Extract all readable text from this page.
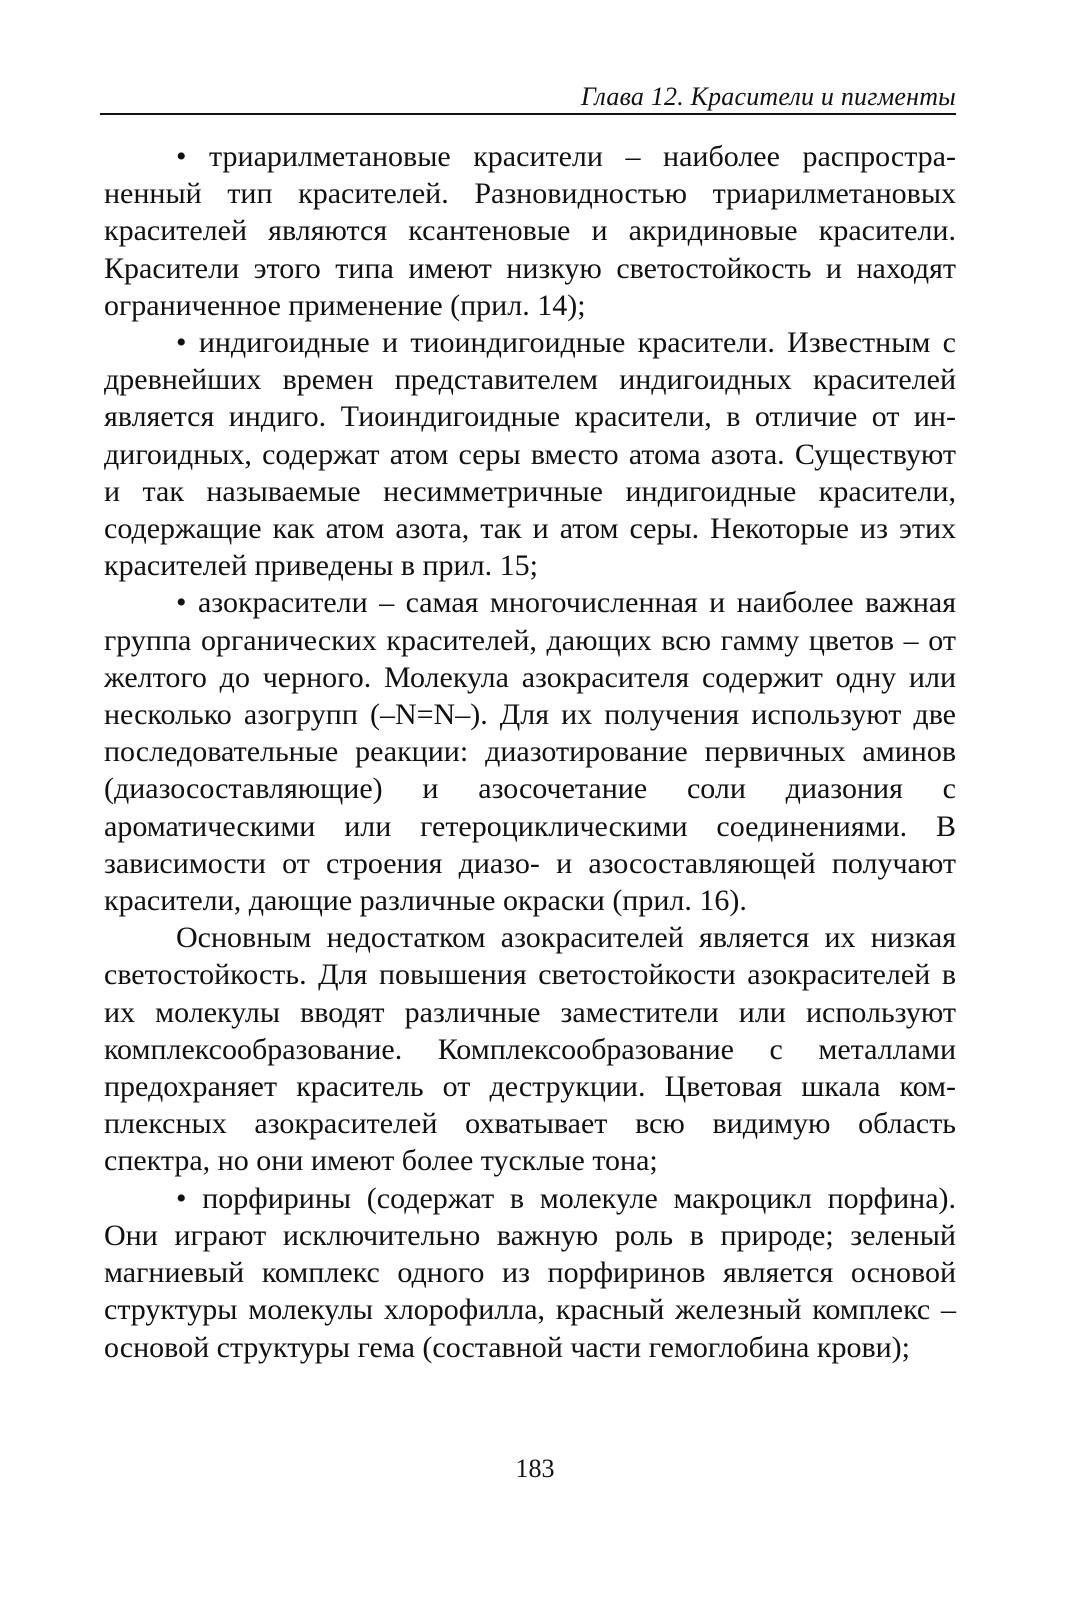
Глава 12. Красители и пигменты

• триарилметановые красители – наиболее распространенный тип красителей. Разновидностью триарилметановых красителей являются ксантеновые и акридиновые красители. Красители этого типа имеют низкую светостойкость и находят ограниченное применение (прил. 14);

• индигоидные и тиоиндигоидные красители. Известным с древнейших времен представителем индигоидных красителей является индиго. Тиоиндигоидные красители, в отличие от индигоидных, содержат атом серы вместо атома азота. Существуют и так называемые несимметричные индигоидные красители, содержащие как атом азота, так и атом серы. Некоторые из этих красителей приведены в прил. 15;

• азокрасители – самая многочисленная и наиболее важная группа органических красителей, дающих всю гамму цветов – от желтого до черного. Молекула азокрасителя содержит одну или несколько азогрупп (–N=N–). Для их получения используют две последовательные реакции: диазотирование первичных аминов (диазосоставляющие) и азосочетание соли диазония с ароматическими или гетероциклическими соединениями. В зависимости от строения диазо- и азосоставляющей получают красители, дающие различные окраски (прил. 16).

Основным недостатком азокрасителей является их низкая светостойкость. Для повышения светостойкости азокрасителей в их молекулы вводят различные заместители или используют комплексообразование. Комплексообразование с металлами предохраняет краситель от деструкции. Цветовая шкала комплексных азокрасителей охватывает всю видимую область спектра, но они имеют более тусклые тона;

• порфирины (содержат в молекуле макроцикл порфина). Они играют исключительно важную роль в природе; зеленый магниевый комплекс одного из порфиринов является основой структуры молекулы хлорофилла, красный железный комплекс – основой структуры гема (составной части гемоглобина крови);

183
